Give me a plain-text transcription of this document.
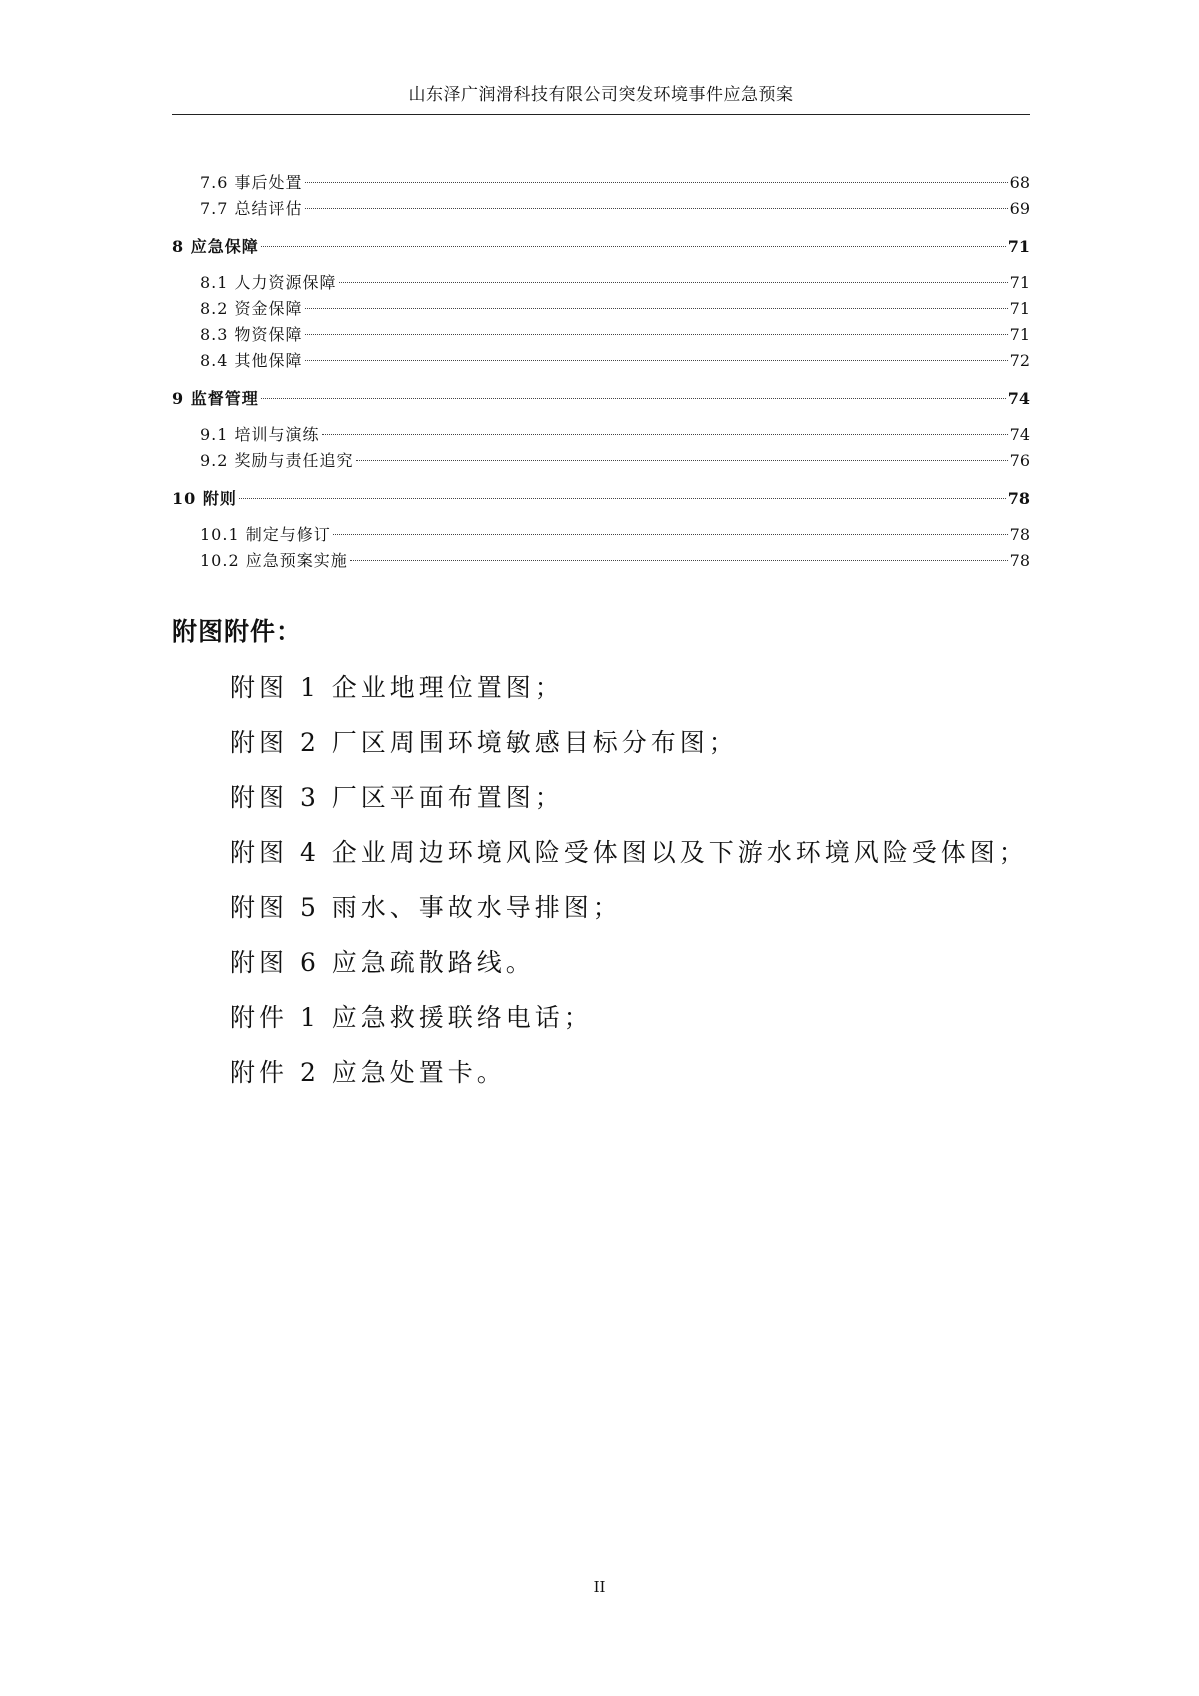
山东泽广润滑科技有限公司突发环境事件应急预案
7.6 事后处置	68
7.7 总结评估	69
8 应急保障	71
8.1 人力资源保障	71
8.2 资金保障	71
8.3 物资保障	71
8.4 其他保障	72
9 监督管理	74
9.1 培训与演练	74
9.2 奖励与责任追究	76
10 附则	78
10.1 制定与修订	78
10.2 应急预案实施	78
附图附件：
附图 1 企业地理位置图；
附图 2 厂区周围环境敏感目标分布图；
附图 3 厂区平面布置图；
附图 4 企业周边环境风险受体图以及下游水环境风险受体图；
附图 5 雨水、事故水导排图；
附图 6 应急疏散路线。
附件 1 应急救援联络电话；
附件 2 应急处置卡。
II
